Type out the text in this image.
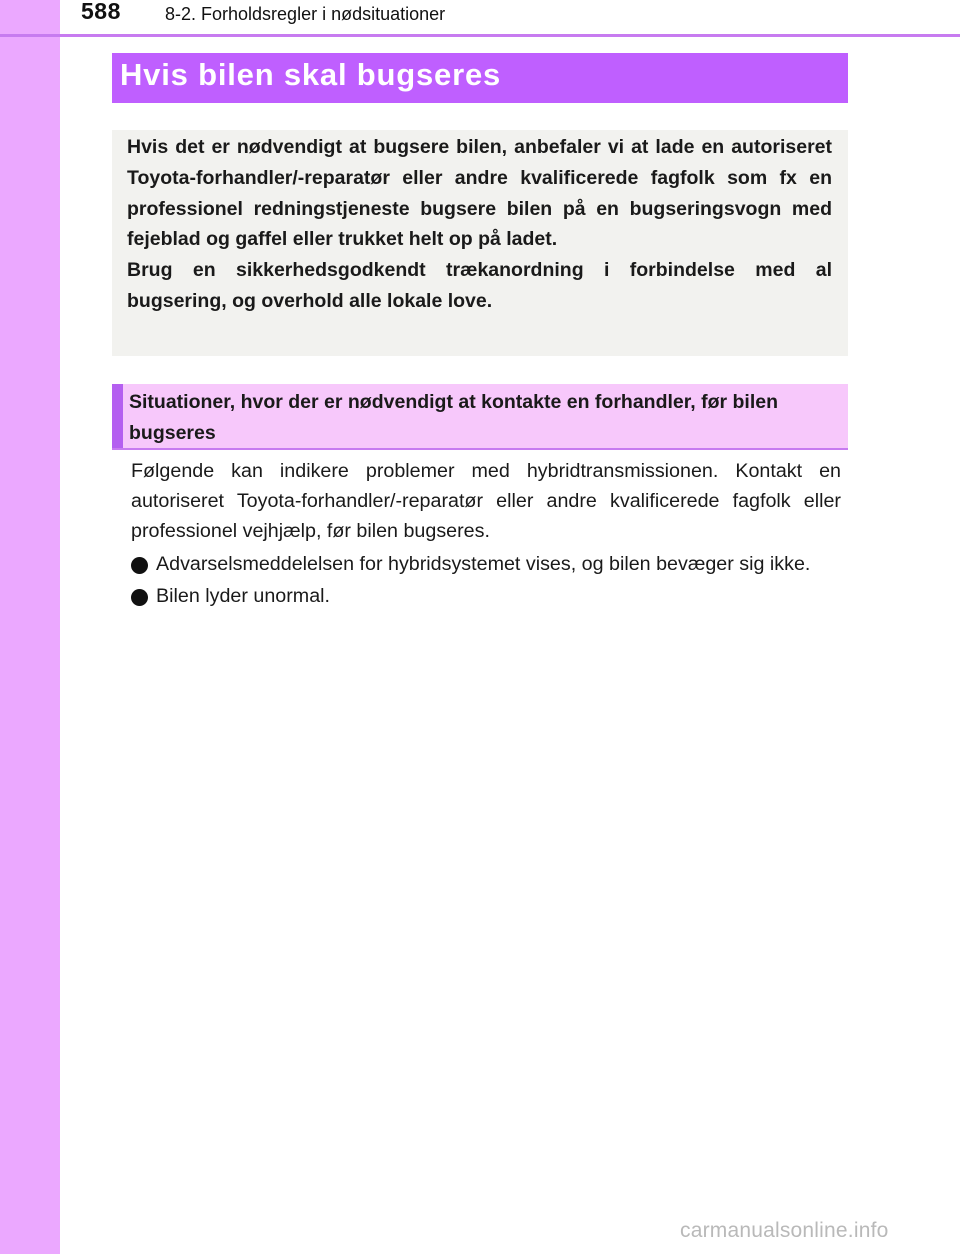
588 8-2. Forholdsregler i nødsituationer
Hvis bilen skal bugseres

Hvis det er nødvendigt at bugsere bilen, anbefaler vi at lade en autoriseret Toyota-forhandler/-reparatør eller andre kvalificerede fagfolk som fx en professionel redningstjeneste bugsere bilen på en bugseringsvogn med fejeblad og gaffel eller trukket helt op på ladet.

Brug en sikkerhedsgodkendt trækanordning i forbindelse med al bugsering, og overhold alle lokale love.

Situationer, hvor der er nødvendigt at kontakte en forhandler, før bilen bugseres

Følgende kan indikere problemer med hybridtransmissionen. Kontakt en autoriseret Toyota-forhandler/-reparatør eller andre kvalificerede fagfolk eller professionel vejhjælp, før bilen bugseres.

Advarselsmeddelelsen for hybridsystemet vises, og bilen bevæger sig ikke.
Bilen lyder unormal.
carmanualsonline.info
